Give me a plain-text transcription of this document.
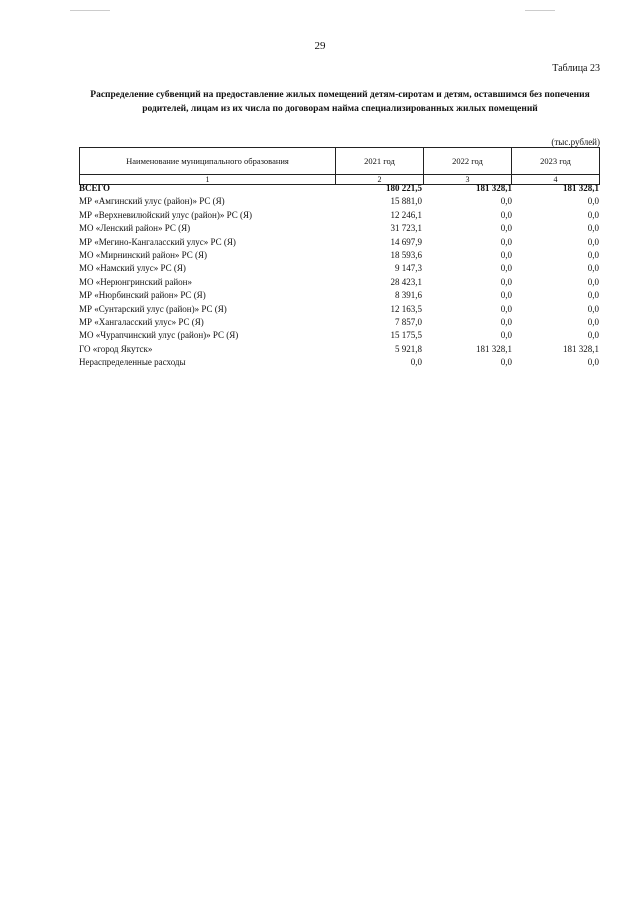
29
Таблица 23
Распределение субвенций на предоставление жилых помещений детям-сиротам и детям, оставшимся без попечения родителей, лицам из их числа по договорам найма специализированных жилых помещений
(тыс.рублей)
Наименование муниципального образования	2021 год	2022 год	2023 год
1	2	3	4
ВСЕГО	180 221,5	181 328,1	181 328,1
МР «Амгинский улус (район)» РС (Я)	15 881,0	0,0	0,0
МР «Верхневилюйский улус (район)» РС (Я)	12 246,1	0,0	0,0
МО «Ленский район» РС (Я)	31 723,1	0,0	0,0
МР «Мегино-Кангаласский улус» РС (Я)	14 697,9	0,0	0,0
МО «Мирнинский район» РС (Я)	18 593,6	0,0	0,0
МО «Намский улус» РС (Я)	9 147,3	0,0	0,0
МО «Нерюнгринский район»	28 423,1	0,0	0,0
МР «Нюрбинский район» РС (Я)	8 391,6	0,0	0,0
МР «Сунтарский улус (район)» РС (Я)	12 163,5	0,0	0,0
МР «Хангаласский улус» РС (Я)	7 857,0	0,0	0,0
МО «Чурапчинский улус (район)» РС (Я)	15 175,5	0,0	0,0
ГО «город Якутск»	5 921,8	181 328,1	181 328,1
Нераспределенные расходы	0,0	0,0	0,0
